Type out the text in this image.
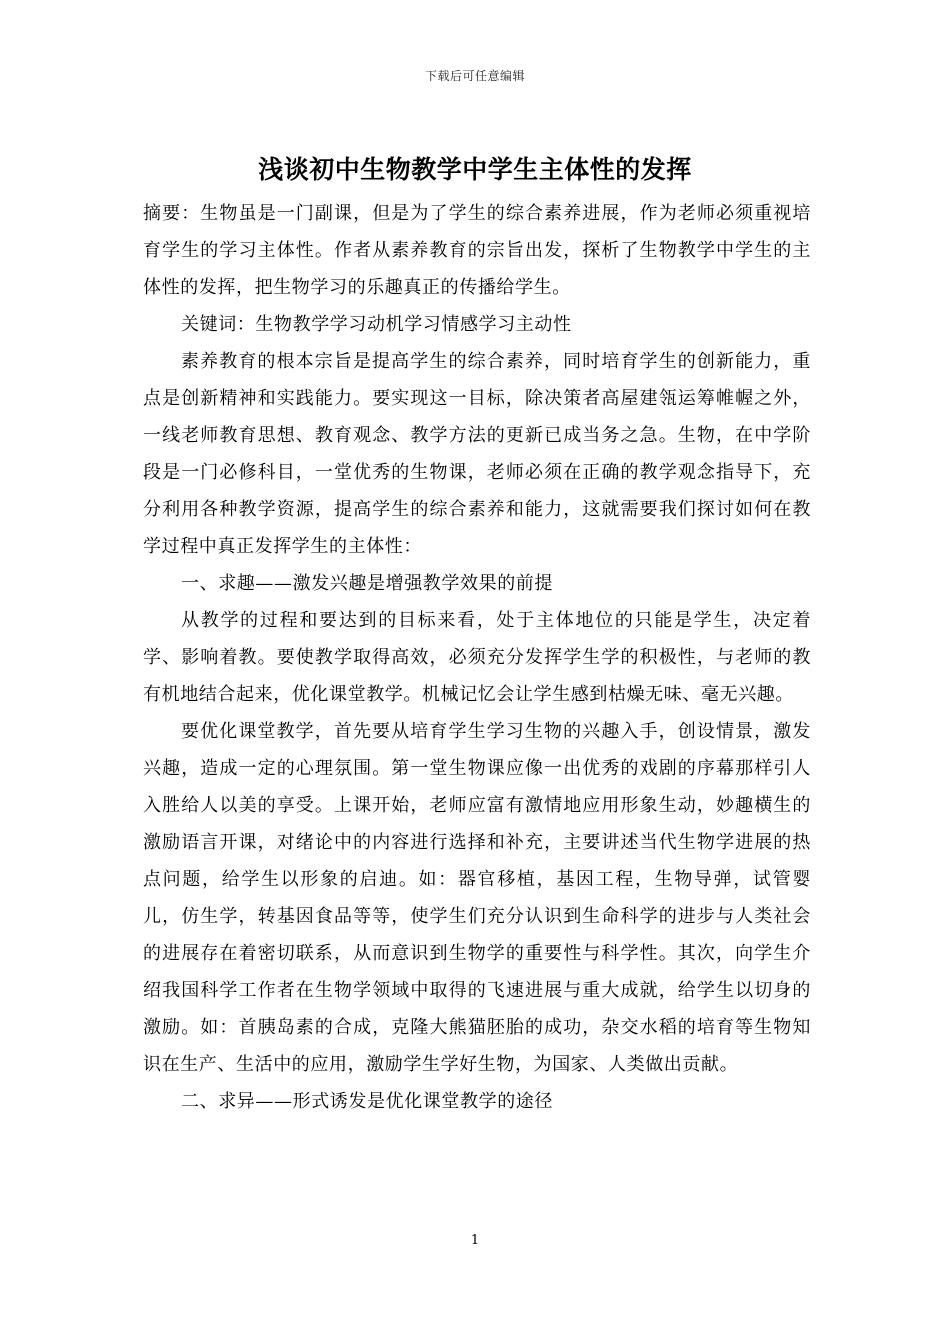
下载后可任意编辑
浅谈初中生物教学中学生主体性的发挥

摘要：生物虽是一门副课，但是为了学生的综合素养进展，作为老师必须重视培育学生的学习主体性。作者从素养教育的宗旨出发，探析了生物教学中学生的主体性的发挥，把生物学习的乐趣真正的传播给学生。

关键词：生物教学学习动机学习情感学习主动性

素养教育的根本宗旨是提高学生的综合素养，同时培育学生的创新能力，重点是创新精神和实践能力。要实现这一目标，除决策者高屋建瓴运筹帷幄之外，一线老师教育思想、教育观念、教学方法的更新已成当务之急。生物，在中学阶段是一门必修科目，一堂优秀的生物课，老师必须在正确的教学观念指导下，充分利用各种教学资源，提高学生的综合素养和能力，这就需要我们探讨如何在教学过程中真正发挥学生的主体性：

一、求趣——激发兴趣是增强教学效果的前提

从教学的过程和要达到的目标来看，处于主体地位的只能是学生，决定着学、影响着教。要使教学取得高效，必须充分发挥学生学的积极性，与老师的教有机地结合起来，优化课堂教学。机械记忆会让学生感到枯燥无味、毫无兴趣。

要优化课堂教学，首先要从培育学生学习生物的兴趣入手，创设情景，激发兴趣，造成一定的心理氛围。第一堂生物课应像一出优秀的戏剧的序幕那样引人入胜给人以美的享受。上课开始，老师应富有激情地应用形象生动，妙趣横生的激励语言开课，对绪论中的内容进行选择和补充，主要讲述当代生物学进展的热点问题，给学生以形象的启迪。如：器官移植，基因工程，生物导弹，试管婴儿，仿生学，转基因食品等等，使学生们充分认识到生命科学的进步与人类社会的进展存在着密切联系，从而意识到生物学的重要性与科学性。其次，向学生介绍我国科学工作者在生物学领域中取得的飞速进展与重大成就，给学生以切身的激励。如：首胰岛素的合成，克隆大熊猫胚胎的成功，杂交水稻的培育等生物知识在生产、生活中的应用，激励学生学好生物，为国家、人类做出贡献。

二、求异——形式诱发是优化课堂教学的途径

1
